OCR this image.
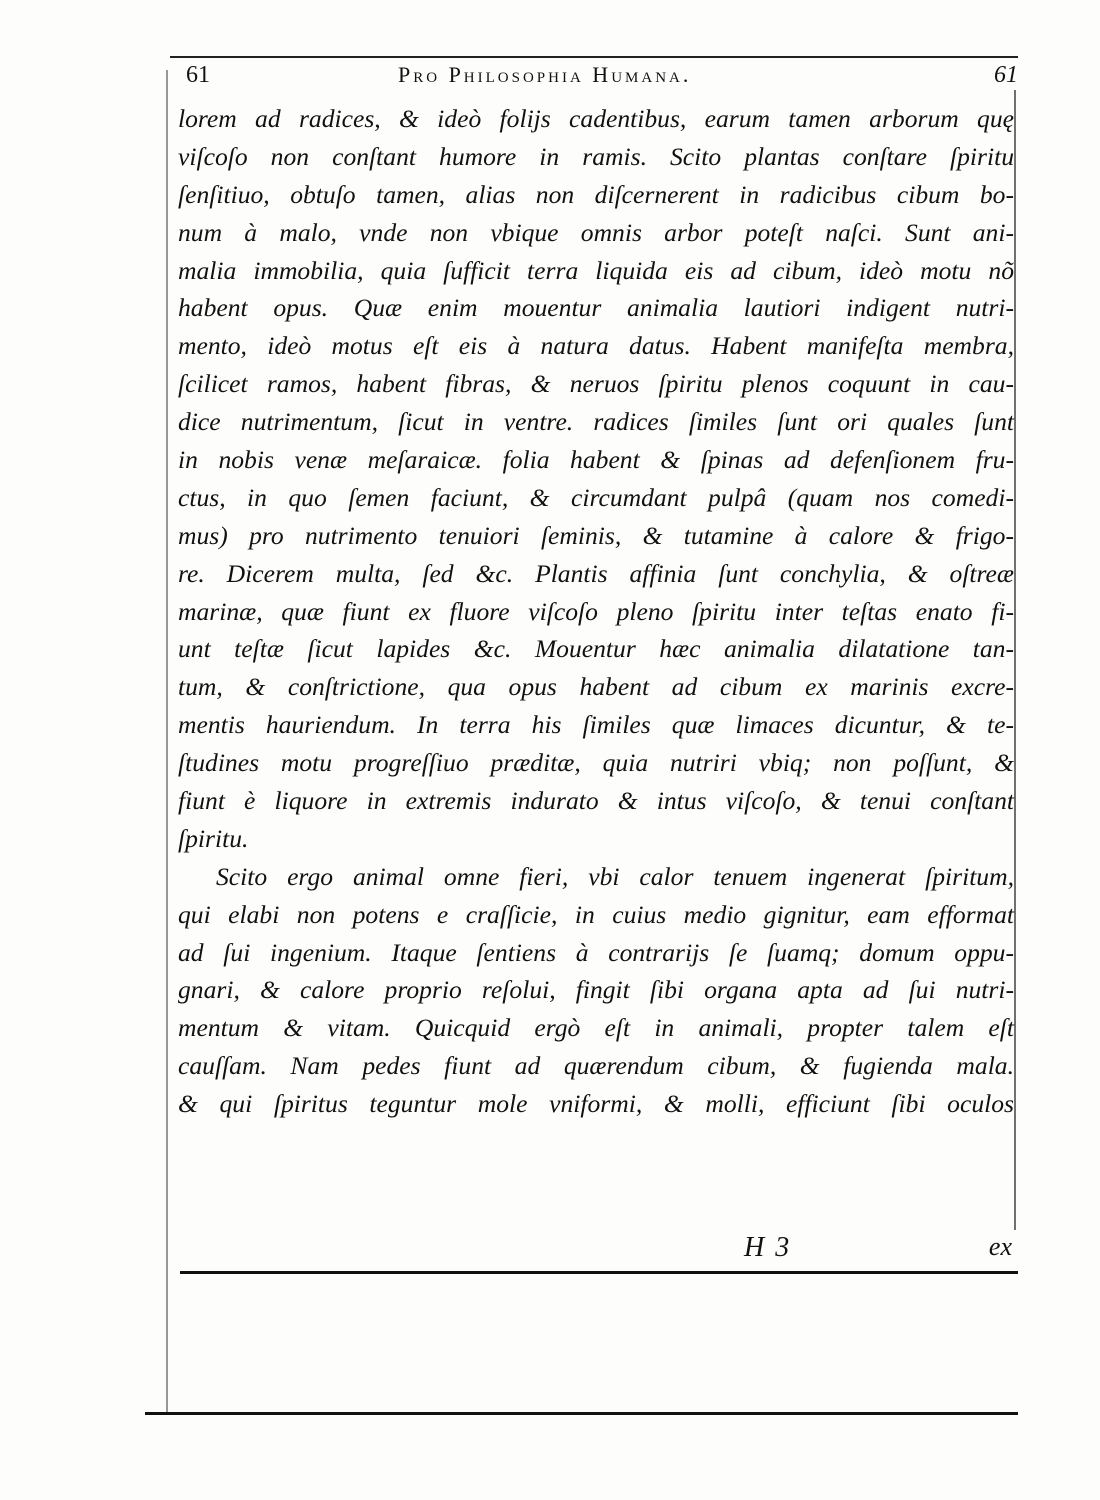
61	Pro Philosophia Humana.	61
lorem ad radices, & ideò folijs cadentibus, earum tamen arborum quę
viſcoſo non conſtant humore in ramis. Scito plantas conſtare ſpiritu
ſenſitiuo, obtuſo tamen, alias non diſcernerent in radicibus cibum bo-
num à malo, vnde non vbique omnis arbor poteſt naſci. Sunt ani-
malia immobilia, quia ſufficit terra liquida eis ad cibum, ideò motu nõ
habent opus. Quæ enim mouentur animalia lautiori indigent nutri-
mento, ideò motus eſt eis à natura datus. Habent manifeſta membra,
ſcilicet ramos, habent fibras, & neruos ſpiritu plenos coquunt in cau-
dice nutrimentum, ſicut in ventre. radices ſimiles ſunt ori quales ſunt
in nobis venæ meſaraicæ. folia habent & ſpinas ad defenſionem fru-
ctus, in quo ſemen faciunt, & circumdant pulpâ (quam nos comedi-
mus) pro nutrimento tenuiori ſeminis, & tutamine à calore & frigo-
re. Dicerem multa, ſed &c. Plantis affinia ſunt conchylia, & oſtreæ
marinæ, quæ fiunt ex fluore viſcoſo pleno ſpiritu inter teſtas enato fi-
unt teſtæ ſicut lapides &c. Mouentur hæc animalia dilatatione tan-
tum, & conſtrictione, qua opus habent ad cibum ex marinis excre-
mentis hauriendum. In terra his ſimiles quæ limaces dicuntur, & te-
ſtudines motu progreſſiuo præditæ, quia nutriri vbiq; non poſſunt, &
fiunt è liquore in extremis indurato & intus viſcoſo, & tenui conſtant
ſpiritu.
Scito ergo animal omne fieri, vbi calor tenuem ingenerat ſpiritum,
qui elabi non potens e craſſicie, in cuius medio gignitur, eam efformat
ad ſui ingenium. Itaque ſentiens à contrarijs ſe ſuamq; domum oppu-
gnari, & calore proprio reſolui, fingit ſibi organa apta ad ſui nutri-
mentum & vitam. Quicquid ergò eſt in animali, propter talem eſt
cauſſam. Nam pedes fiunt ad quærendum cibum, & fugienda mala.
& qui ſpiritus teguntur mole vniformi, & molli, efficiunt ſibi oculos
H 3	ex
